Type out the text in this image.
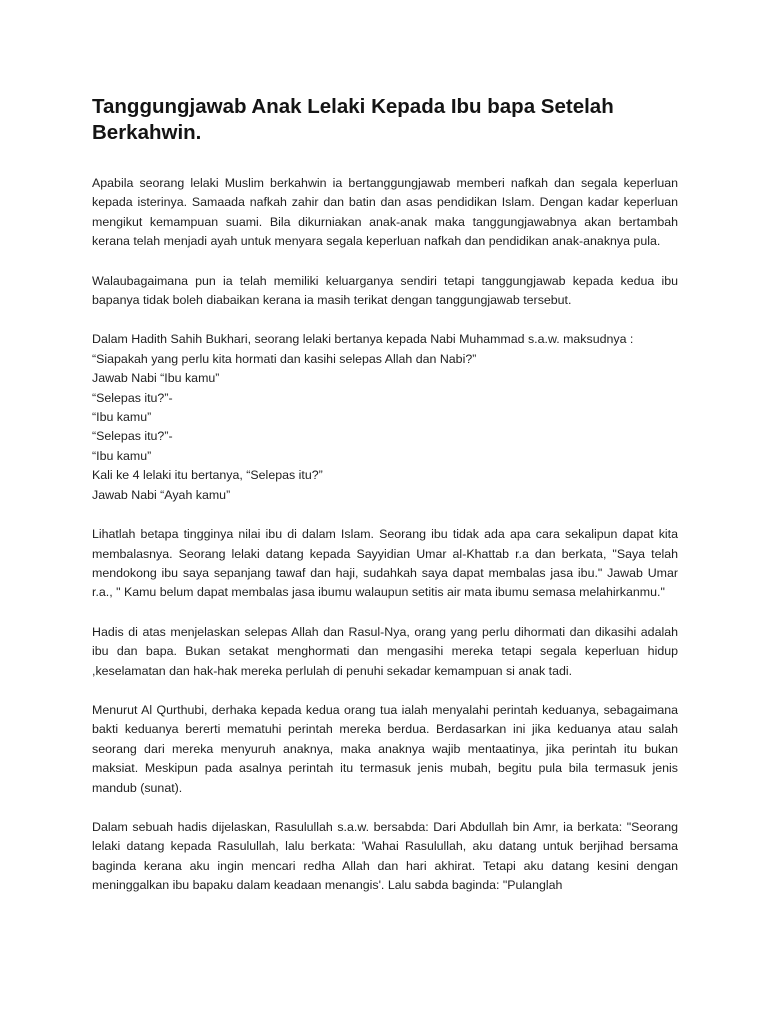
Tanggungjawab Anak Lelaki Kepada Ibu bapa Setelah Berkahwin.

Apabila seorang lelaki Muslim berkahwin ia bertanggungjawab memberi nafkah dan segala keperluan kepada isterinya. Samaada nafkah zahir dan batin dan asas pendidikan Islam. Dengan kadar keperluan mengikut kemampuan suami. Bila dikurniakan anak-anak maka tanggungjawabnya akan bertambah kerana telah menjadi ayah untuk menyara segala keperluan nafkah dan pendidikan anak-anaknya pula.

Walaubagaimana pun ia telah memiliki keluarganya sendiri tetapi tanggungjawab kepada kedua ibu bapanya tidak boleh diabaikan kerana ia masih terikat dengan tanggungjawab tersebut.

Dalam Hadith Sahih Bukhari, seorang lelaki bertanya kepada Nabi Muhammad s.a.w. maksudnya :
“Siapakah yang perlu kita hormati dan kasihi selepas Allah dan Nabi?”
Jawab Nabi “Ibu kamu”
“Selepas itu?”-
“Ibu kamu”
“Selepas itu?”-
“Ibu kamu”
Kali ke 4 lelaki itu bertanya, “Selepas itu?”
Jawab Nabi “Ayah kamu”

Lihatlah betapa tingginya nilai ibu di dalam Islam. Seorang ibu tidak ada apa cara sekalipun dapat kita membalasnya. Seorang lelaki datang kepada Sayyidian Umar al-Khattab r.a dan berkata, "Saya telah mendokong ibu saya sepanjang tawaf dan haji, sudahkah saya dapat membalas jasa ibu." Jawab Umar r.a., " Kamu belum dapat membalas jasa ibumu walaupun setitis air mata ibumu semasa melahirkanmu."

Hadis di atas menjelaskan selepas Allah dan Rasul-Nya, orang yang perlu dihormati dan dikasihi adalah ibu dan bapa. Bukan setakat menghormati dan mengasihi mereka tetapi segala keperluan hidup ,keselamatan dan hak-hak mereka perlulah di penuhi sekadar kemampuan si anak tadi.

Menurut Al Qurthubi, derhaka kepada kedua orang tua ialah menyalahi perintah keduanya, sebagaimana bakti keduanya bererti mematuhi perintah mereka berdua. Berdasarkan ini jika keduanya atau salah seorang dari mereka menyuruh anaknya, maka anaknya wajib mentaatinya, jika perintah itu bukan maksiat. Meskipun pada asalnya perintah itu termasuk jenis mubah, begitu pula bila termasuk jenis mandub (sunat).

Dalam sebuah hadis dijelaskan, Rasulullah s.a.w. bersabda: Dari Abdullah bin Amr, ia berkata: "Seorang lelaki datang kepada Rasulullah, lalu berkata: 'Wahai Rasulullah, aku datang untuk berjihad bersama baginda kerana aku ingin mencari redha Allah dan hari akhirat. Tetapi aku datang kesini dengan meninggalkan ibu bapaku dalam keadaan menangis'. Lalu sabda baginda: "Pulanglah
